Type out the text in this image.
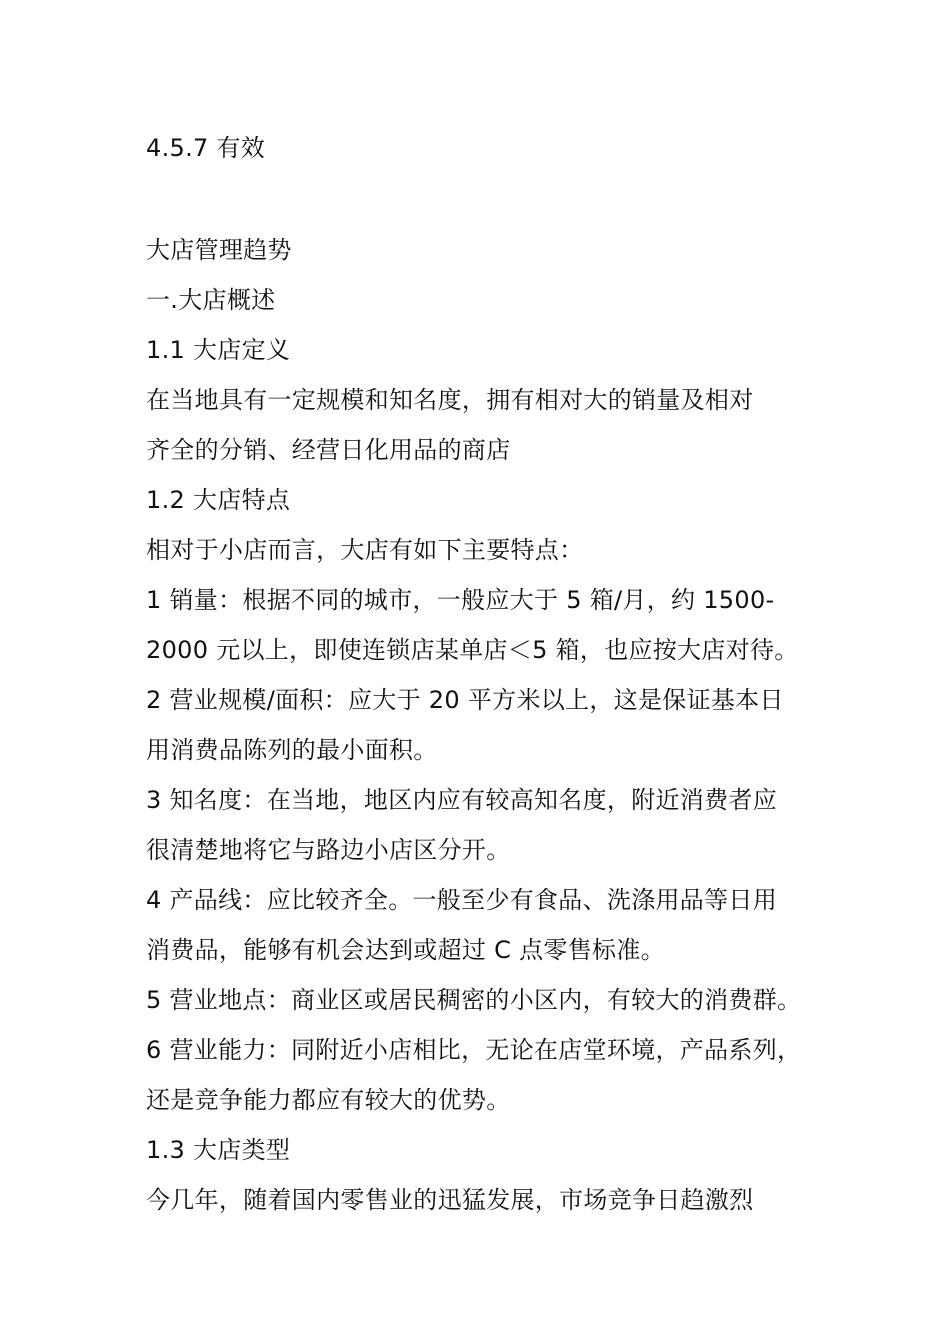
4.5.7 有效
大店管理趋势
一.大店概述
1.1 大店定义
在当地具有一定规模和知名度，拥有相对大的销量及相对
齐全的分销、经营日化用品的商店
1.2 大店特点
相对于小店而言，大店有如下主要特点：
1 销量：根据不同的城市，一般应大于 5 箱/月，约 1500-
2000 元以上，即使连锁店某单店＜5 箱，也应按大店对待。
2 营业规模/面积：应大于 20 平方米以上，这是保证基本日
用消费品陈列的最小面积。
3 知名度：在当地，地区内应有较高知名度，附近消费者应
很清楚地将它与路边小店区分开。
4 产品线：应比较齐全。一般至少有食品、洗涤用品等日用
消费品，能够有机会达到或超过 C 点零售标准。
5 营业地点：商业区或居民稠密的小区内，有较大的消费群。
6 营业能力：同附近小店相比，无论在店堂环境，产品系列，
还是竞争能力都应有较大的优势。
1.3 大店类型
今几年，随着国内零售业的迅猛发展，市场竞争日趋激烈
